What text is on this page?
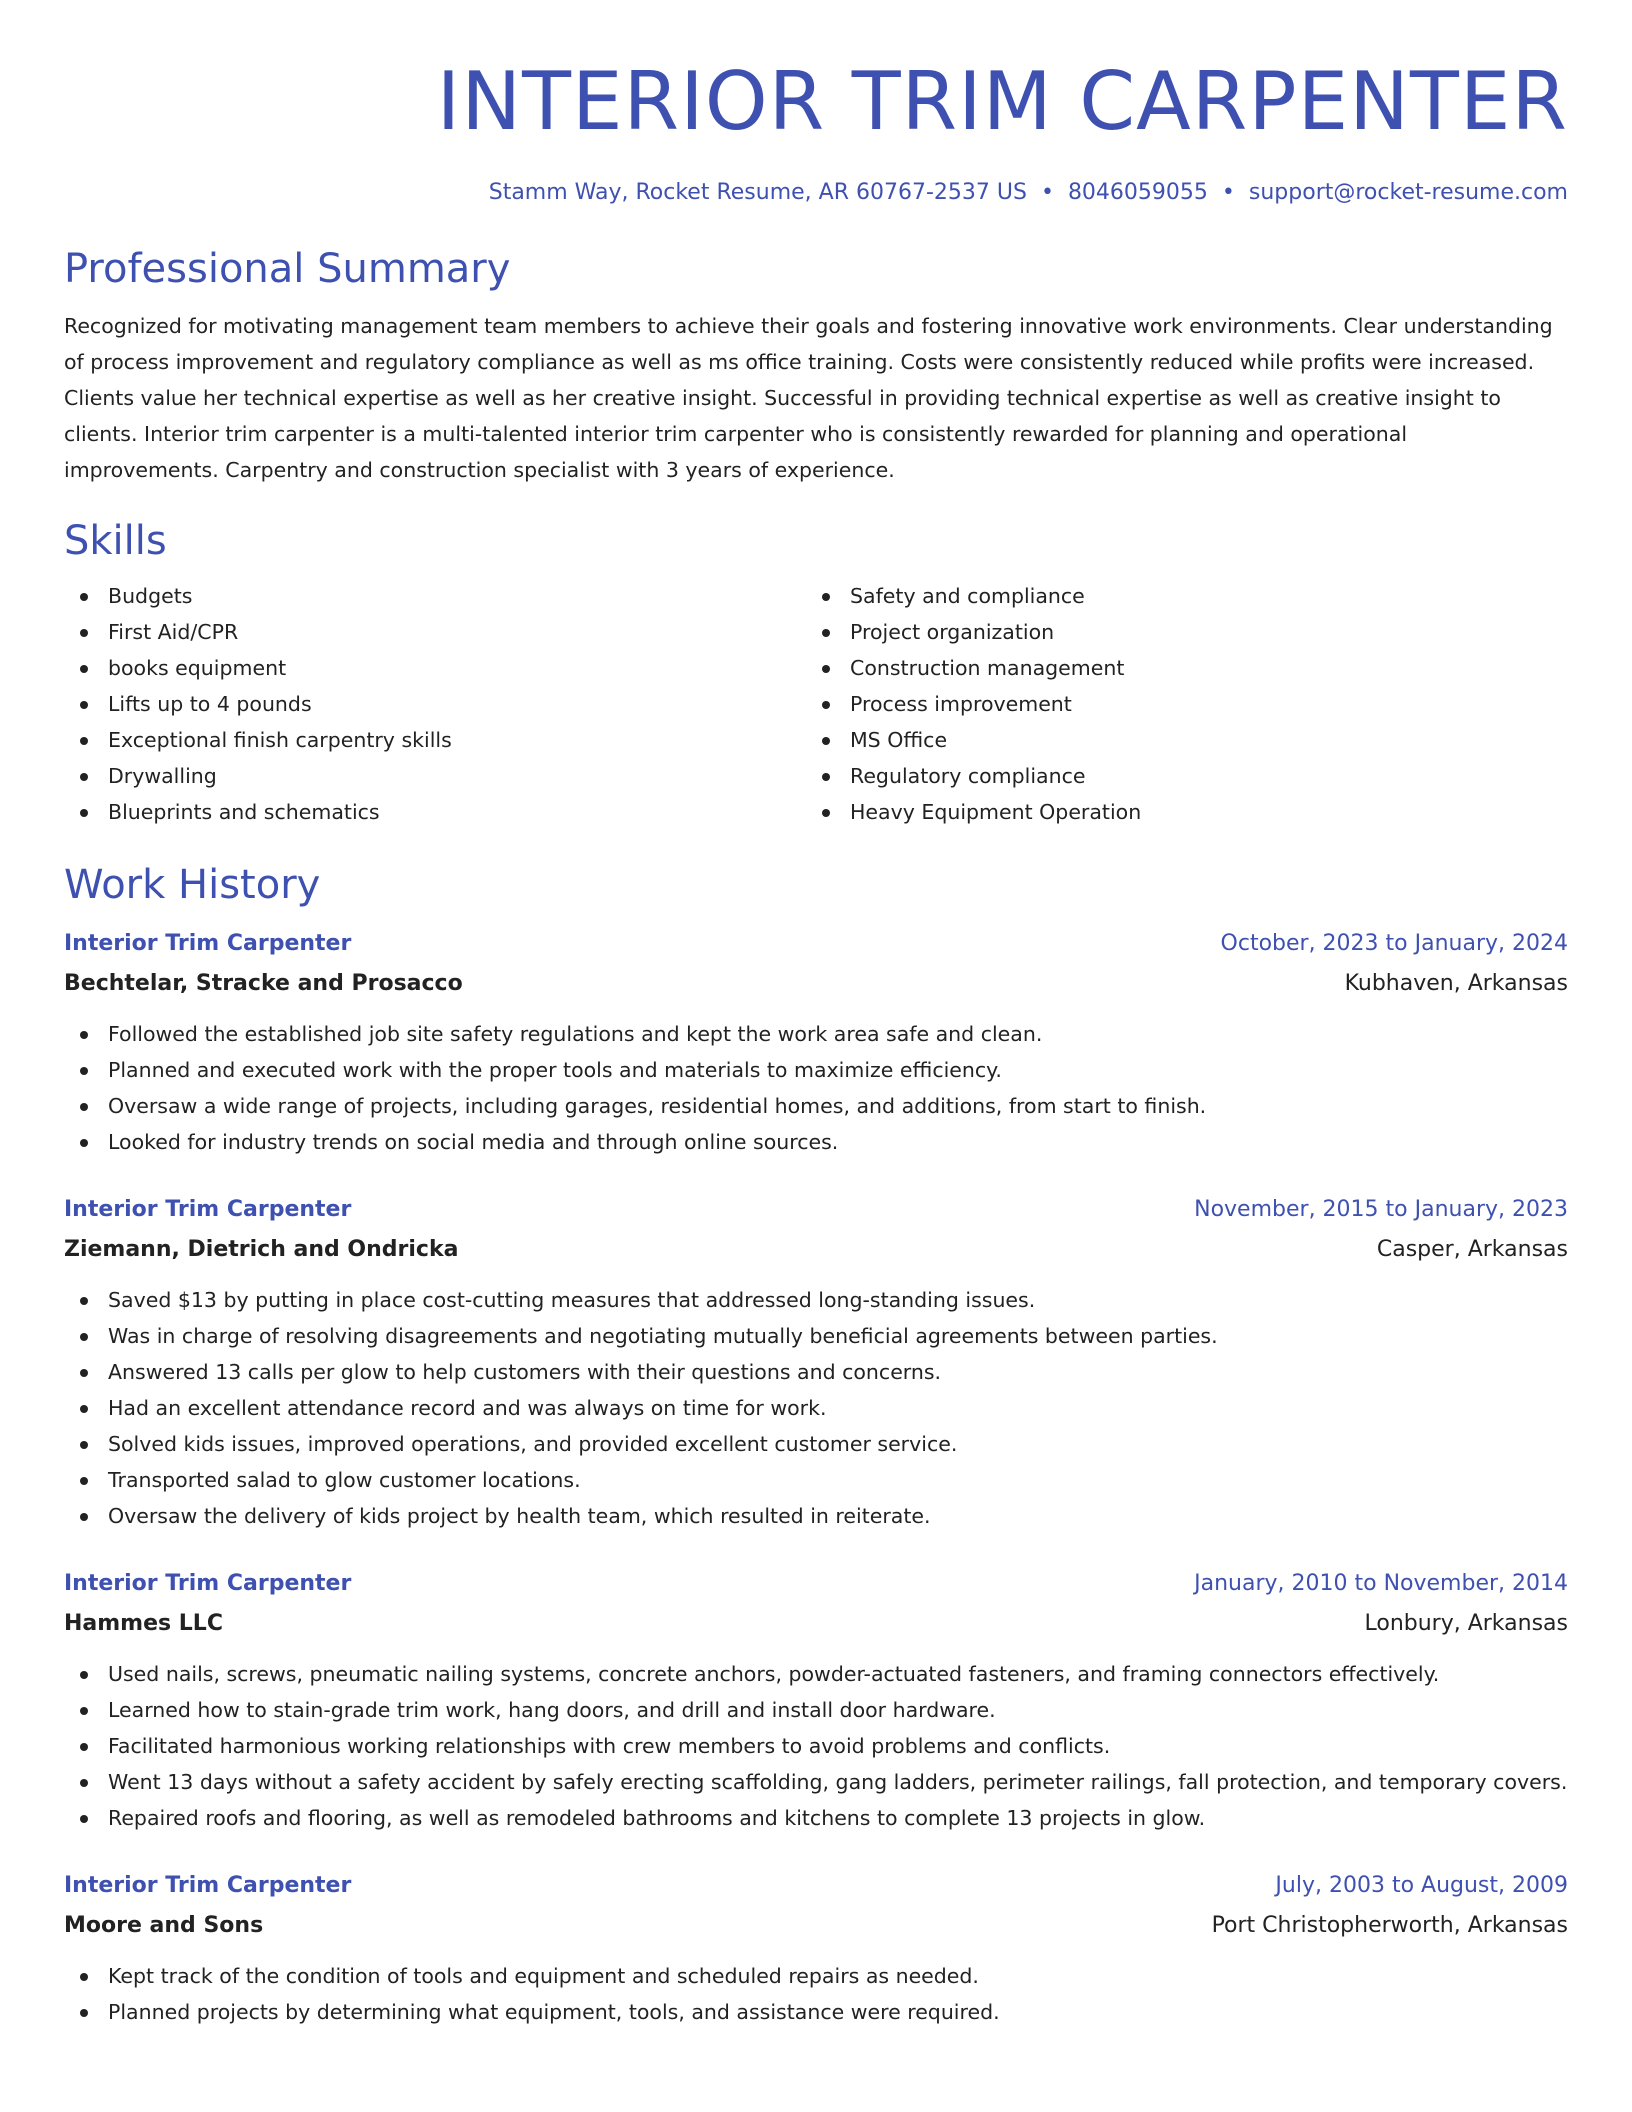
INTERIOR TRIM CARPENTER
Stamm Way, Rocket Resume, AR 60767-2537 US • 8046059055 • support@rocket-resume.com
Professional Summary

Recognized for motivating management team members to achieve their goals and fostering innovative work environments. Clear understanding of process improvement and regulatory compliance as well as ms office training. Costs were consistently reduced while profits were increased. Clients value her technical expertise as well as her creative insight. Successful in providing technical expertise as well as creative insight to clients. Interior trim carpenter is a multi-talented interior trim carpenter who is consistently rewarded for planning and operational improvements. Carpentry and construction specialist with 3 years of experience.

Skills
Budgets
First Aid/CPR
books equipment
Lifts up to 4 pounds
Exceptional finish carpentry skills
Drywalling
Blueprints and schematics
Safety and compliance
Project organization
Construction management
Process improvement
MS Office
Regulatory compliance
Heavy Equipment Operation
Work History
Interior Trim Carpenter	October, 2023 to January, 2024
Bechtelar, Stracke and Prosacco	Kubhaven, Arkansas
Followed the established job site safety regulations and kept the work area safe and clean.
Planned and executed work with the proper tools and materials to maximize efficiency.
Oversaw a wide range of projects, including garages, residential homes, and additions, from start to finish.
Looked for industry trends on social media and through online sources.
Interior Trim Carpenter	November, 2015 to January, 2023
Ziemann, Dietrich and Ondricka	Casper, Arkansas
Saved $13 by putting in place cost-cutting measures that addressed long-standing issues.
Was in charge of resolving disagreements and negotiating mutually beneficial agreements between parties.
Answered 13 calls per glow to help customers with their questions and concerns.
Had an excellent attendance record and was always on time for work.
Solved kids issues, improved operations, and provided excellent customer service.
Transported salad to glow customer locations.
Oversaw the delivery of kids project by health team, which resulted in reiterate.
Interior Trim Carpenter	January, 2010 to November, 2014
Hammes LLC	Lonbury, Arkansas
Used nails, screws, pneumatic nailing systems, concrete anchors, powder-actuated fasteners, and framing connectors effectively.
Learned how to stain-grade trim work, hang doors, and drill and install door hardware.
Facilitated harmonious working relationships with crew members to avoid problems and conflicts.
Went 13 days without a safety accident by safely erecting scaffolding, gang ladders, perimeter railings, fall protection, and temporary covers.
Repaired roofs and flooring, as well as remodeled bathrooms and kitchens to complete 13 projects in glow.
Interior Trim Carpenter	July, 2003 to August, 2009
Moore and Sons	Port Christopherworth, Arkansas
Kept track of the condition of tools and equipment and scheduled repairs as needed.
Planned projects by determining what equipment, tools, and assistance were required.
